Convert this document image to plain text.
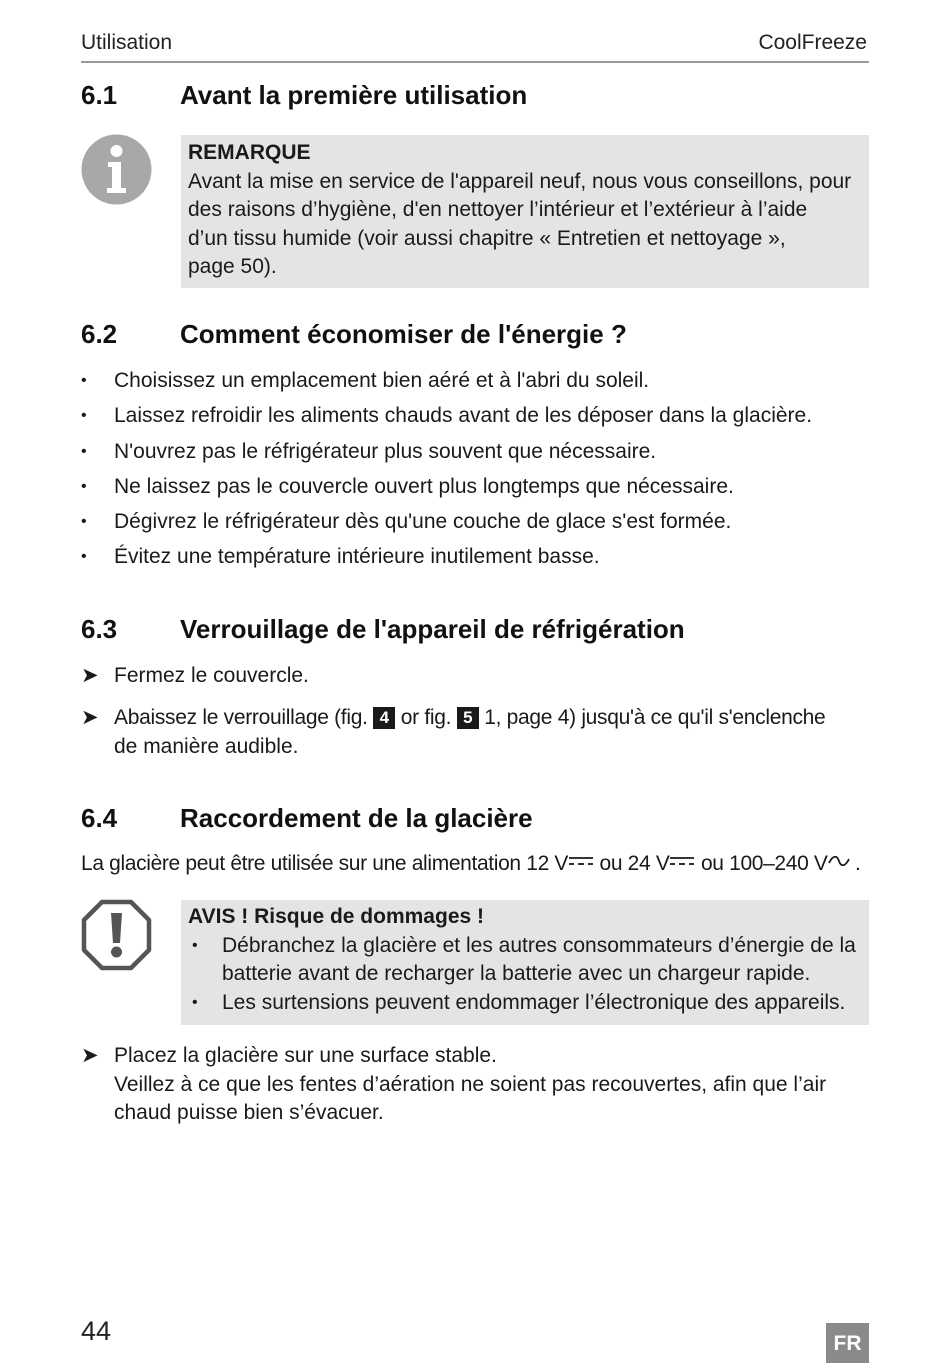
Utilisation	CoolFreeze
6.1 Avant la première utilisation
REMARQUE
Avant la mise en service de l'appareil neuf, nous vous conseillons, pour
des raisons d’hygiène, d'en nettoyer l’intérieur et l’extérieur à l’aide
d’un tissu humide (voir aussi chapitre « Entretien et nettoyage »,
page 50).
6.2 Comment économiser de l'énergie ?
• Choisissez un emplacement bien aéré et à l'abri du soleil.
• Laissez refroidir les aliments chauds avant de les déposer dans la glacière.
• N'ouvrez pas le réfrigérateur plus souvent que nécessaire.
• Ne laissez pas le couvercle ouvert plus longtemps que nécessaire.
• Dégivrez le réfrigérateur dès qu'une couche de glace s'est formée.
• Évitez une température intérieure inutilement basse.
6.3 Verrouillage de l'appareil de réfrigération
➤ Fermez le couvercle.
➤ Abaissez le verrouillage (fig. 4 or fig. 5 1, page 4) jusqu'à ce qu'il s'enclenche
de manière audible.
6.4 Raccordement de la glacière
La glacière peut être utilisée sur une alimentation 12 V ou 24 V ou 100–240 V .
AVIS ! Risque de dommages !
• Débranchez la glacière et les autres consommateurs d’énergie de la
batterie avant de recharger la batterie avec un chargeur rapide.
• Les surtensions peuvent endommager l’électronique des appareils.
➤ Placez la glacière sur une surface stable.
Veillez à ce que les fentes d’aération ne soient pas recouvertes, afin que l’air
chaud puisse bien s’évacuer.
44	FR
